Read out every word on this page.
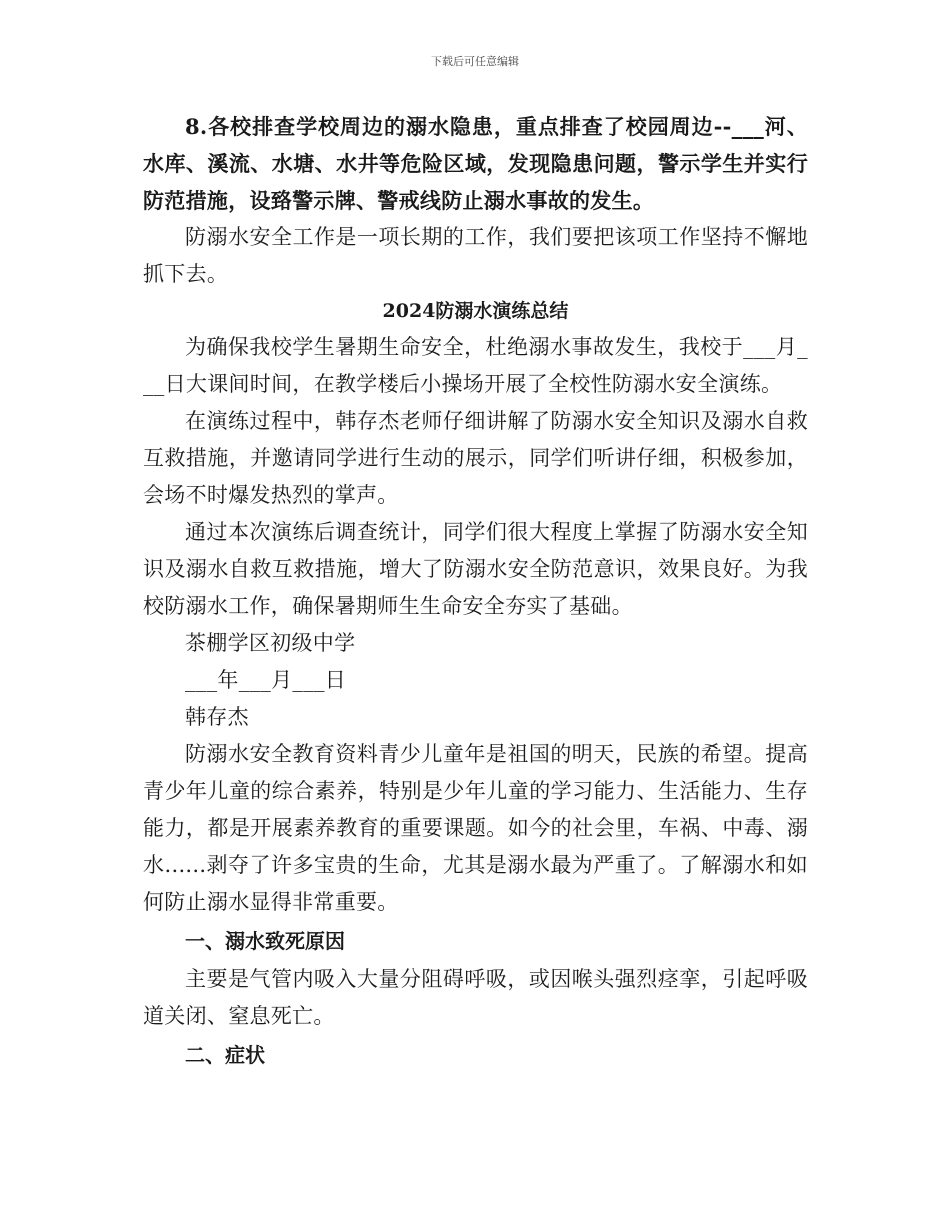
下载后可任意编辑

8.各校排查学校周边的溺水隐患，重点排查了校园周边--___河、水库、溪流、水塘、水井等危险区域，发现隐患问题，警示学生并实行防范措施，设臵警示牌、警戒线防止溺水事故的发生。

防溺水安全工作是一项长期的工作，我们要把该项工作坚持不懈地抓下去。

2024防溺水演练总结

为确保我校学生暑期生命安全，杜绝溺水事故发生，我校于___月___日大课间时间，在教学楼后小操场开展了全校性防溺水安全演练。

在演练过程中，韩存杰老师仔细讲解了防溺水安全知识及溺水自救互救措施，并邀请同学进行生动的展示，同学们听讲仔细，积极参加，会场不时爆发热烈的掌声。

通过本次演练后调查统计，同学们很大程度上掌握了防溺水安全知识及溺水自救互救措施，增大了防溺水安全防范意识，效果良好。为我校防溺水工作，确保暑期师生生命安全夯实了基础。

茶棚学区初级中学

___年___月___日

韩存杰

防溺水安全教育资料青少儿童年是祖国的明天，民族的希望。提高青少年儿童的综合素养，特别是少年儿童的学习能力、生活能力、生存能力，都是开展素养教育的重要课题。如今的社会里，车祸、中毒、溺水......剥夺了许多宝贵的生命，尤其是溺水最为严重了。了解溺水和如何防止溺水显得非常重要。

一、溺水致死原因

主要是气管内吸入大量分阻碍呼吸，或因喉头强烈痉挛，引起呼吸道关闭、窒息死亡。

二、症状
